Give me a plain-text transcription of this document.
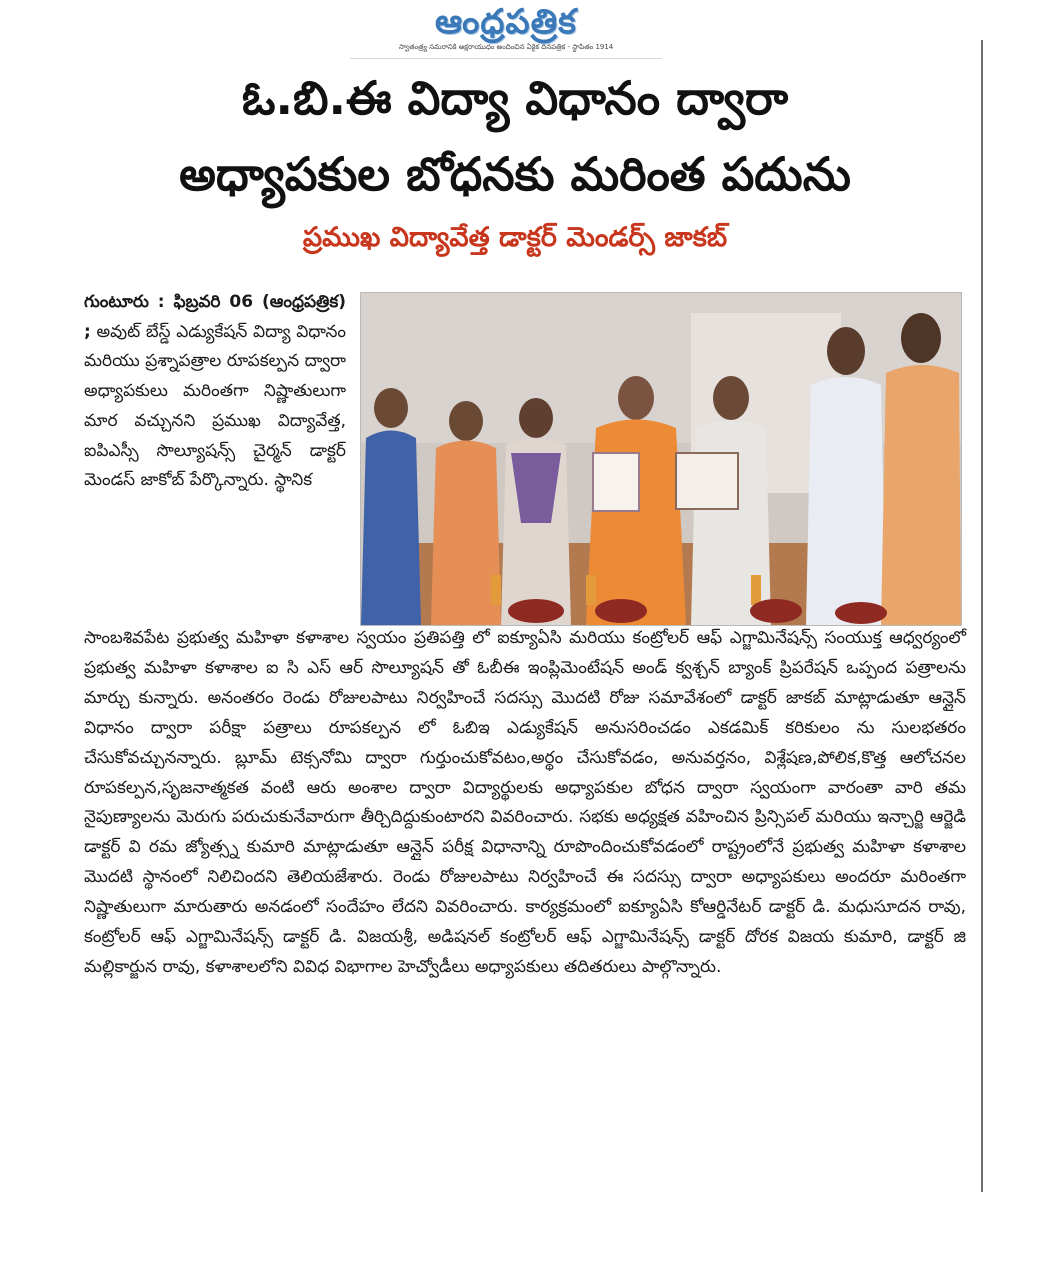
ఆంధ్రపత్రిక
స్వాతంత్ర్య సమరానికి అక్షరాయుధం అందించిన ఏకైక దినపత్రిక - స్థాపితం 1914
ఓ.బి.ఈ విద్యా విధానం ద్వారా
అధ్యాపకుల బోధనకు మరింత పదును
ప్రముఖ విద్యావేత్త డాక్టర్ మెండర్స్ జాకబ్

గుంటూరు : ఫిబ్రవరి 06 (ఆంధ్రపత్రిక) ; అవుట్ బేస్డ్ ఎడ్యుకేషన్ విద్యా విధానం మరియు ప్రశ్నాపత్రాల రూపకల్పన ద్వారా అధ్యాపకులు మరింతగా నిష్ణాతులుగా మార వచ్చునని ప్రముఖ విద్యావేత్త, ఐపిఎస్సీ సొల్యూషన్స్ చైర్మన్ డాక్టర్ మెండస్ జాకోబ్ పేర్కొన్నారు. స్థానిక

సాంబశివపేట ప్రభుత్వ మహిళా కళాశాల స్వయం ప్రతిపత్తి లో ఐక్యూఏసి మరియు కంట్రోలర్ ఆఫ్ ఎగ్జామినేషన్స్ సంయుక్త ఆధ్వర్యంలో ప్రభుత్వ మహిళా కళాశాల ఐ సి ఎస్ ఆర్ సొల్యూషన్ తో ఓబీఈ ఇంప్లిమెంటేషన్ అండ్ క్వశ్చన్ బ్యాంక్ ప్రిపరేషన్ ఒప్పంద పత్రాలను మార్చు కున్నారు. అనంతరం రెండు రోజులపాటు నిర్వహించే సదస్సు మొదటి రోజు సమావేశంలో డాక్టర్ జాకబ్ మాట్లాడుతూ ఆన్లైన్ విధానం ద్వారా పరీక్షా పత్రాలు రూపకల్పన లో ఓబిఇ ఎడ్యుకేషన్ అనుసరించడం ఎకడమిక్ కరికులం ను సులభతరం చేసుకోవచ్చునన్నారు. బ్లూమ్ టెక్సనోమి ద్వారా గుర్తుంచుకోవటం,అర్థం చేసుకోవడం, అనువర్తనం, విశ్లేషణ,పోలిక,కొత్త ఆలోచనల రూపకల్పన,సృజనాత్మకత వంటి ఆరు అంశాల ద్వారా విద్యార్థులకు అధ్యాపకుల బోధన ద్వారా స్వయంగా వారంతా వారి తమ నైపుణ్యాలను మెరుగు పరుచుకునేవారుగా తీర్చిదిద్దుకుంటారని వివరించారు. సభకు అధ్యక్షత వహించిన ప్రిన్సిపల్ మరియు ఇన్చార్జి ఆర్జెడి డాక్టర్ వి రమ జ్యోత్స్న కుమారి మాట్లాడుతూ ఆన్లైన్ పరీక్ష విధానాన్ని రూపొందించుకోవడంలో రాష్ట్రంలోనే ప్రభుత్వ మహిళా కళాశాల మొదటి స్థానంలో నిలిచిందని తెలియజేశారు. రెండు రోజులపాటు నిర్వహించే ఈ సదస్సు ద్వారా అధ్యాపకులు అందరూ మరింతగా నిష్ణాతులుగా మారుతారు అనడంలో సందేహం లేదని వివరించారు. కార్యక్రమంలో ఐక్యూఏసి కోఆర్డినేటర్ డాక్టర్ డి. మధుసూదన రావు, కంట్రోలర్ ఆఫ్ ఎగ్జామినేషన్స్ డాక్టర్ డి. విజయశ్రీ, అడిషనల్ కంట్రోలర్ ఆఫ్ ఎగ్జామినేషన్స్ డాక్టర్ దోరక విజయ కుమారి, డాక్టర్ జి మల్లికార్జున రావు, కళాశాలలోని వివిధ విభాగాల హెచ్వోడీలు అధ్యాపకులు తదితరులు పాల్గొన్నారు.
